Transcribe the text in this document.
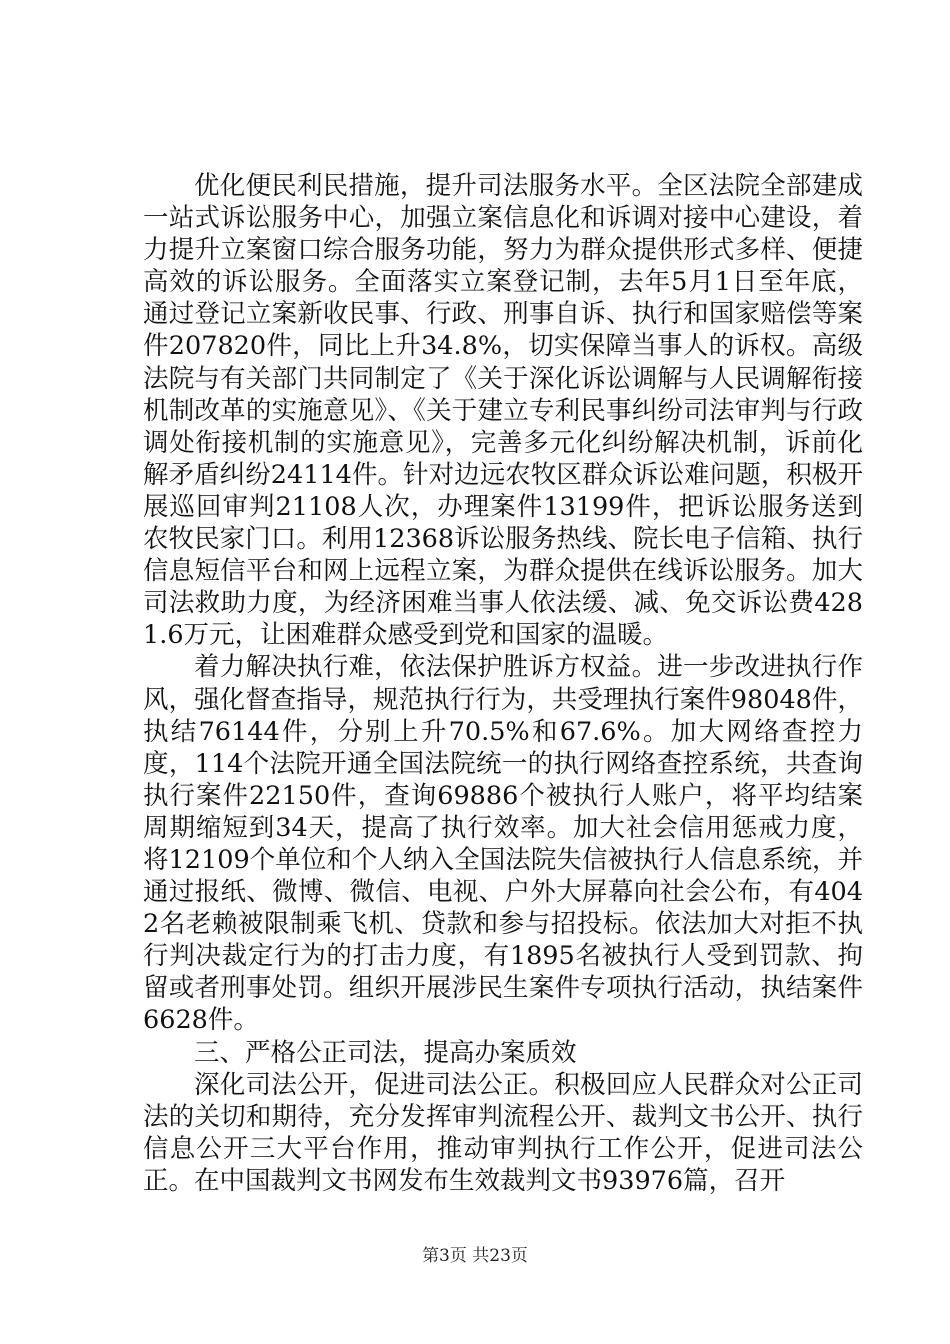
优化便民利民措施，提升司法服务水平。全区法院全部建成一站式诉讼服务中心，加强立案信息化和诉调对接中心建设，着力提升立案窗口综合服务功能，努力为群众提供形式多样、便捷高效的诉讼服务。全面落实立案登记制，去年5月1日至年底，通过登记立案新收民事、行政、刑事自诉、执行和国家赔偿等案件207820件，同比上升34.8%，切实保障当事人的诉权。高级法院与有关部门共同制定了《关于深化诉讼调解与人民调解衔接机制改革的实施意见》、《关于建立专利民事纠纷司法审判与行政调处衔接机制的实施意见》，完善多元化纠纷解决机制，诉前化解矛盾纠纷24114件。针对边远农牧区群众诉讼难问题，积极开展巡回审判21108人次，办理案件13199件，把诉讼服务送到农牧民家门口。利用12368诉讼服务热线、院长电子信箱、执行信息短信平台和网上远程立案，为群众提供在线诉讼服务。加大司法救助力度，为经济困难当事人依法缓、减、免交诉讼费4281.6万元，让困难群众感受到党和国家的温暖。

着力解决执行难，依法保护胜诉方权益。进一步改进执行作风，强化督查指导，规范执行行为，共受理执行案件98048件，执结76144件，分别上升70.5%和67.6%。加大网络查控力度，114个法院开通全国法院统一的执行网络查控系统，共查询执行案件22150件，查询69886个被执行人账户，将平均结案周期缩短到34天，提高了执行效率。加大社会信用惩戒力度，将12109个单位和个人纳入全国法院失信被执行人信息系统，并通过报纸、微博、微信、电视、户外大屏幕向社会公布，有4042名老赖被限制乘飞机、贷款和参与招投标。依法加大对拒不执行判决裁定行为的打击力度，有1895名被执行人受到罚款、拘留或者刑事处罚。组织开展涉民生案件专项执行活动，执结案件6628件。

三、严格公正司法，提高办案质效

深化司法公开，促进司法公正。积极回应人民群众对公正司法的关切和期待，充分发挥审判流程公开、裁判文书公开、执行信息公开三大平台作用，推动审判执行工作公开，促进司法公正。在中国裁判文书网发布生效裁判文书93976篇，召开

第3页 共23页
